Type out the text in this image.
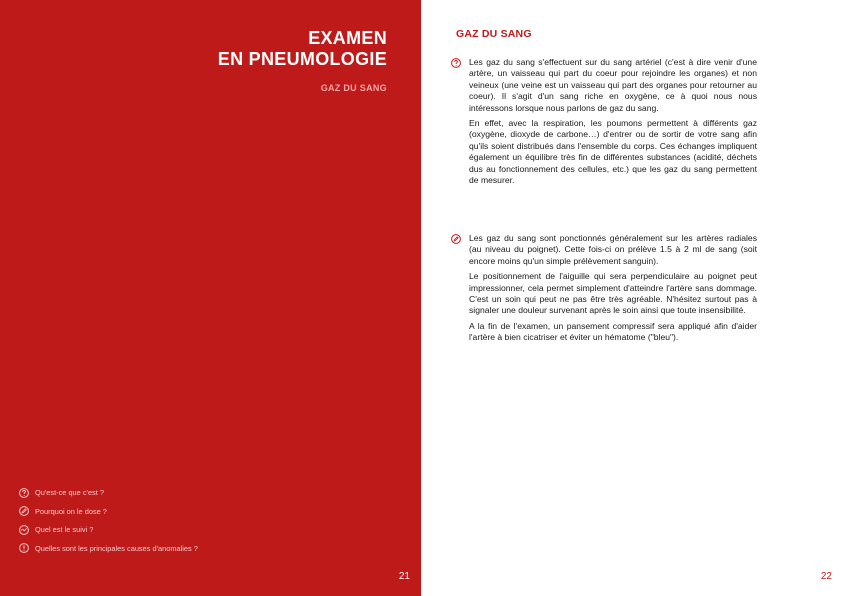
EXAMEN
EN PNEUMOLOGIE
GAZ DU SANG
Qu'est-ce que c'est ?
Pourquoi on le dose ?
Quel est le suivi ?
Quelles sont les principales causes d'anomalies ?
21
GAZ DU SANG

Les gaz du sang s'effectuent sur du sang artériel (c'est à dire venir d'une artère, un vaisseau qui part du coeur pour rejoindre les organes) et non veineux (une veine est un vaisseau qui part des organes pour retourner au coeur). Il s'agit d'un sang riche en oxygène, ce à quoi nous nous intéressons lorsque nous parlons de gaz du sang.

En effet, avec la respiration, les poumons permettent à différents gaz (oxygène, dioxyde de carbone…) d'entrer ou de sortir de votre sang afin qu'ils soient distribués dans l'ensemble du corps. Ces échanges impliquent également un équilibre très fin de différentes substances (acidité, déchets dus au fonctionnement des cellules, etc.) que les gaz du sang permettent de mesurer.

Les gaz du sang sont ponctionnés généralement sur les artères radiales (au niveau du poignet). Cette fois-ci on prélève 1.5 à 2 ml de sang (soit encore moins qu'un simple prélèvement sanguin).

Le positionnement de l'aiguille qui sera perpendiculaire au poignet peut impressionner, cela permet simplement d'atteindre l'artère sans dommage. C'est un soin qui peut ne pas être très agréable. N'hésitez surtout pas à signaler une douleur survenant après le soin ainsi que toute insensibilité.

A la fin de l'examen, un pansement compressif sera appliqué afin d'aider l'artère à bien cicatriser et éviter un hématome ("bleu").

22
